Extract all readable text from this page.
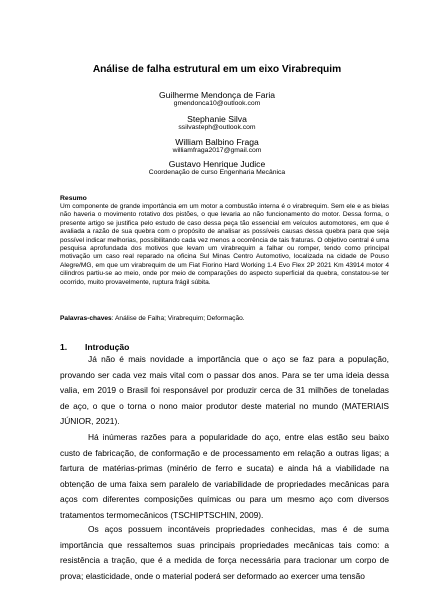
Análise de falha estrutural em um eixo Virabrequim
Guilherme Mendonça de Faria
gmendonca10@outlook.com
Stephanie Silva
ssilvasteph@outlook.com
William Balbino Fraga
williamfraga2017@gmail.com
Gustavo Henrique Judice
Coordenação de curso Engenharia Mecânica
Resumo
Um componente de grande importância em um motor a combustão interna é o virabrequim. Sem ele e as bielas não haveria o movimento rotativo dos pistões, o que levaria ao não funcionamento do motor. Dessa forma, o presente artigo se justifica pelo estudo de caso dessa peça tão essencial em veículos automotores, em que é avaliada a razão de sua quebra com o propósito de analisar as possíveis causas dessa quebra para que seja possível indicar melhorias, possibilitando cada vez menos a ocorrência de tais fraturas. O objetivo central é uma pesquisa aprofundada dos motivos que levam um virabrequim a falhar ou romper, tendo como principal motivação um caso real reparado na oficina Sul Minas Centro Automotivo, localizada na cidade de Pouso Alegre/MG, em que um virabrequim de um Fiat Fiorino Hard Working 1.4 Evo Flex 2P 2021 Km 43914 motor 4 cilindros partiu-se ao meio, onde por meio de comparações do aspecto superficial da quebra, constatou-se ter ocorrido, muito provavelmente, ruptura frágil súbita.
Palavras-chaves: Análise de Falha; Virabrequim; Deformação.
1. Introdução
Já não é mais novidade a importância que o aço se faz para a população, provando ser cada vez mais vital com o passar dos anos. Para se ter uma ideia dessa valia, em 2019 o Brasil foi responsável por produzir cerca de 31 milhões de toneladas de aço, o que o torna o nono maior produtor deste material no mundo (MATERIAIS JÚNIOR, 2021).
Há inúmeras razões para a popularidade do aço, entre elas estão seu baixo custo de fabricação, de conformação e de processamento em relação a outras ligas; a fartura de matérias-primas (minério de ferro e sucata) e ainda há a viabilidade na obtenção de uma faixa sem paralelo de variabilidade de propriedades mecânicas para aços com diferentes composições químicas ou para um mesmo aço com diversos tratamentos termomecânicos (TSCHIPTSCHIN, 2009).
Os aços possuem incontáveis propriedades conhecidas, mas é de suma importância que ressaltemos suas principais propriedades mecânicas tais como: a resistência a tração, que é a medida de força necessária para tracionar um corpo de prova; elasticidade, onde o material poderá ser deformado ao exercer uma tensão
